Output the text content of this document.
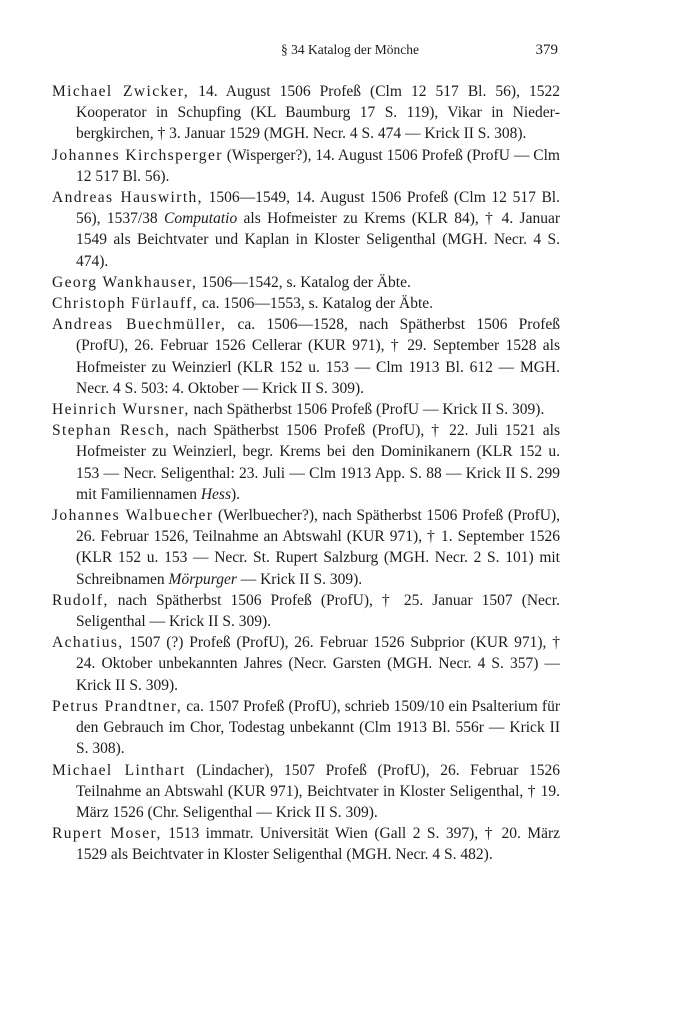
§ 34 Katalog der Mönche	379

Michael Zwicker, 14. August 1506 Profeß (Clm 12 517 Bl. 56), 1522 Kooperator in Schupfing (KL Baumburg 17 S. 119), Vikar in Niederbergkirchen, † 3. Januar 1529 (MGH. Necr. 4 S. 474 — Krick II S. 308).

Johannes Kirchsperger (Wisperger?), 14. August 1506 Profeß (ProfU — Clm 12 517 Bl. 56).

Andreas Hauswirth, 1506—1549, 14. August 1506 Profeß (Clm 12 517 Bl. 56), 1537/38 Computatio als Hofmeister zu Krems (KLR 84), † 4. Januar 1549 als Beichtvater und Kaplan in Kloster Seligenthal (MGH. Necr. 4 S. 474).

Georg Wankhauser, 1506—1542, s. Katalog der Äbte.

Christoph Fürlauff, ca. 1506—1553, s. Katalog der Äbte.

Andreas Buechmüller, ca. 1506—1528, nach Spätherbst 1506 Profeß (ProfU), 26. Februar 1526 Cellerar (KUR 971), † 29. September 1528 als Hofmeister zu Weinzierl (KLR 152 u. 153 — Clm 1913 Bl. 612 — MGH. Necr. 4 S. 503: 4. Oktober — Krick II S. 309).

Heinrich Wursner, nach Spätherbst 1506 Profeß (ProfU — Krick II S. 309).

Stephan Resch, nach Spätherbst 1506 Profeß (ProfU), † 22. Juli 1521 als Hofmeister zu Weinzierl, begr. Krems bei den Dominikanern (KLR 152 u. 153 — Necr. Seligenthal: 23. Juli — Clm 1913 App. S. 88 — Krick II S. 299 mit Familiennamen Hess).

Johannes Walbuecher (Werlbuecher?), nach Spätherbst 1506 Profeß (ProfU), 26. Februar 1526, Teilnahme an Abtswahl (KUR 971), † 1. September 1526 (KLR 152 u. 153 — Necr. St. Rupert Salzburg (MGH. Necr. 2 S. 101) mit Schreibnamen Mörpurger — Krick II S. 309).

Rudolf, nach Spätherbst 1506 Profeß (ProfU), † 25. Januar 1507 (Necr. Seligenthal — Krick II S. 309).

Achatius, 1507 (?) Profeß (ProfU), 26. Februar 1526 Subprior (KUR 971), † 24. Oktober unbekannten Jahres (Necr. Garsten (MGH. Necr. 4 S. 357) — Krick II S. 309).

Petrus Prandtner, ca. 1507 Profeß (ProfU), schrieb 1509/10 ein Psalterium für den Gebrauch im Chor, Todestag unbekannt (Clm 1913 Bl. 556r — Krick II S. 308).

Michael Linthart (Lindacher), 1507 Profeß (ProfU), 26. Februar 1526 Teilnahme an Abtswahl (KUR 971), Beichtvater in Kloster Seligenthal, † 19. März 1526 (Chr. Seligenthal — Krick II S. 309).

Rupert Moser, 1513 immatr. Universität Wien (Gall 2 S. 397), † 20. März 1529 als Beichtvater in Kloster Seligenthal (MGH. Necr. 4 S. 482).
